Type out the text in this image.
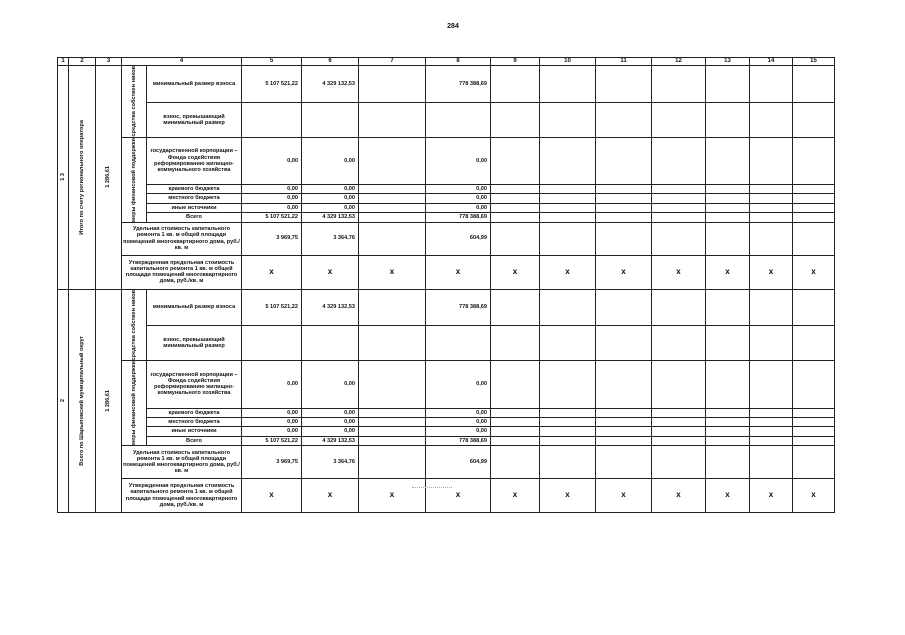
284
1	2	3	4		5	6	7	8	9	10	11	12	13	14	15

1 3	Итого по счету регионального оператора	1 286,61	средства собствен ников	минимальный размер взноса	5 107 521,22	4 329 132,53		778 388,69							
				взнос, превышающий минимальный размер											

			меры финансовой поддержки	государственной корпорации – Фонда содействия реформированию жилищно-коммунального хозяйства	0,00	0,00		0,00							
				краевого бюджета	0,00	0,00		0,00							
				местного бюджета	0,00	0,00		0,00							
				иные источники	0,00	0,00		0,00							
				Всего	5 107 521,22	4 329 132,53		778 388,69							
			Удельная стоимость капитального ремонта 1 кв. м общей площади помещений многоквартирного дома, руб./кв. м		3 969,75	3 364,76		604,99							
			Утвержденная предельная стоимость капитального ремонта 1 кв. м общей площади помещений многоквартирного дома, руб./кв. м		x	x	x	x	x	x	x	x	x	x	x

2	Всего по Шарыповский муниципальный округ	1 286,61	средства собствен ников	минимальный размер взноса	5 107 521,22	4 329 132,53		778 388,69							
				взнос, превышающий минимальный размер											

			меры финансовой поддержки	государственной корпорации – Фонда содействия реформированию жилищно-коммунального хозяйства	0,00	0,00		0,00							
				краевого бюджета	0,00	0,00		0,00							
				местного бюджета	0,00	0,00		0,00							
				иные источники	0,00	0,00		0,00							
				Всего	5 107 521,22	4 329 132,53		778 388,69							
			Удельная стоимость капитального ремонта 1 кв. м общей площади помещений многоквартирного дома, руб./кв. м		3 969,75	3 364,76		604,99							
			Утвержденная предельная стоимость капитального ремонта 1 кв. м общей площади помещений многоквартирного дома, руб./кв. м		x	x	x	x	x	x	x	x	x	x	x
